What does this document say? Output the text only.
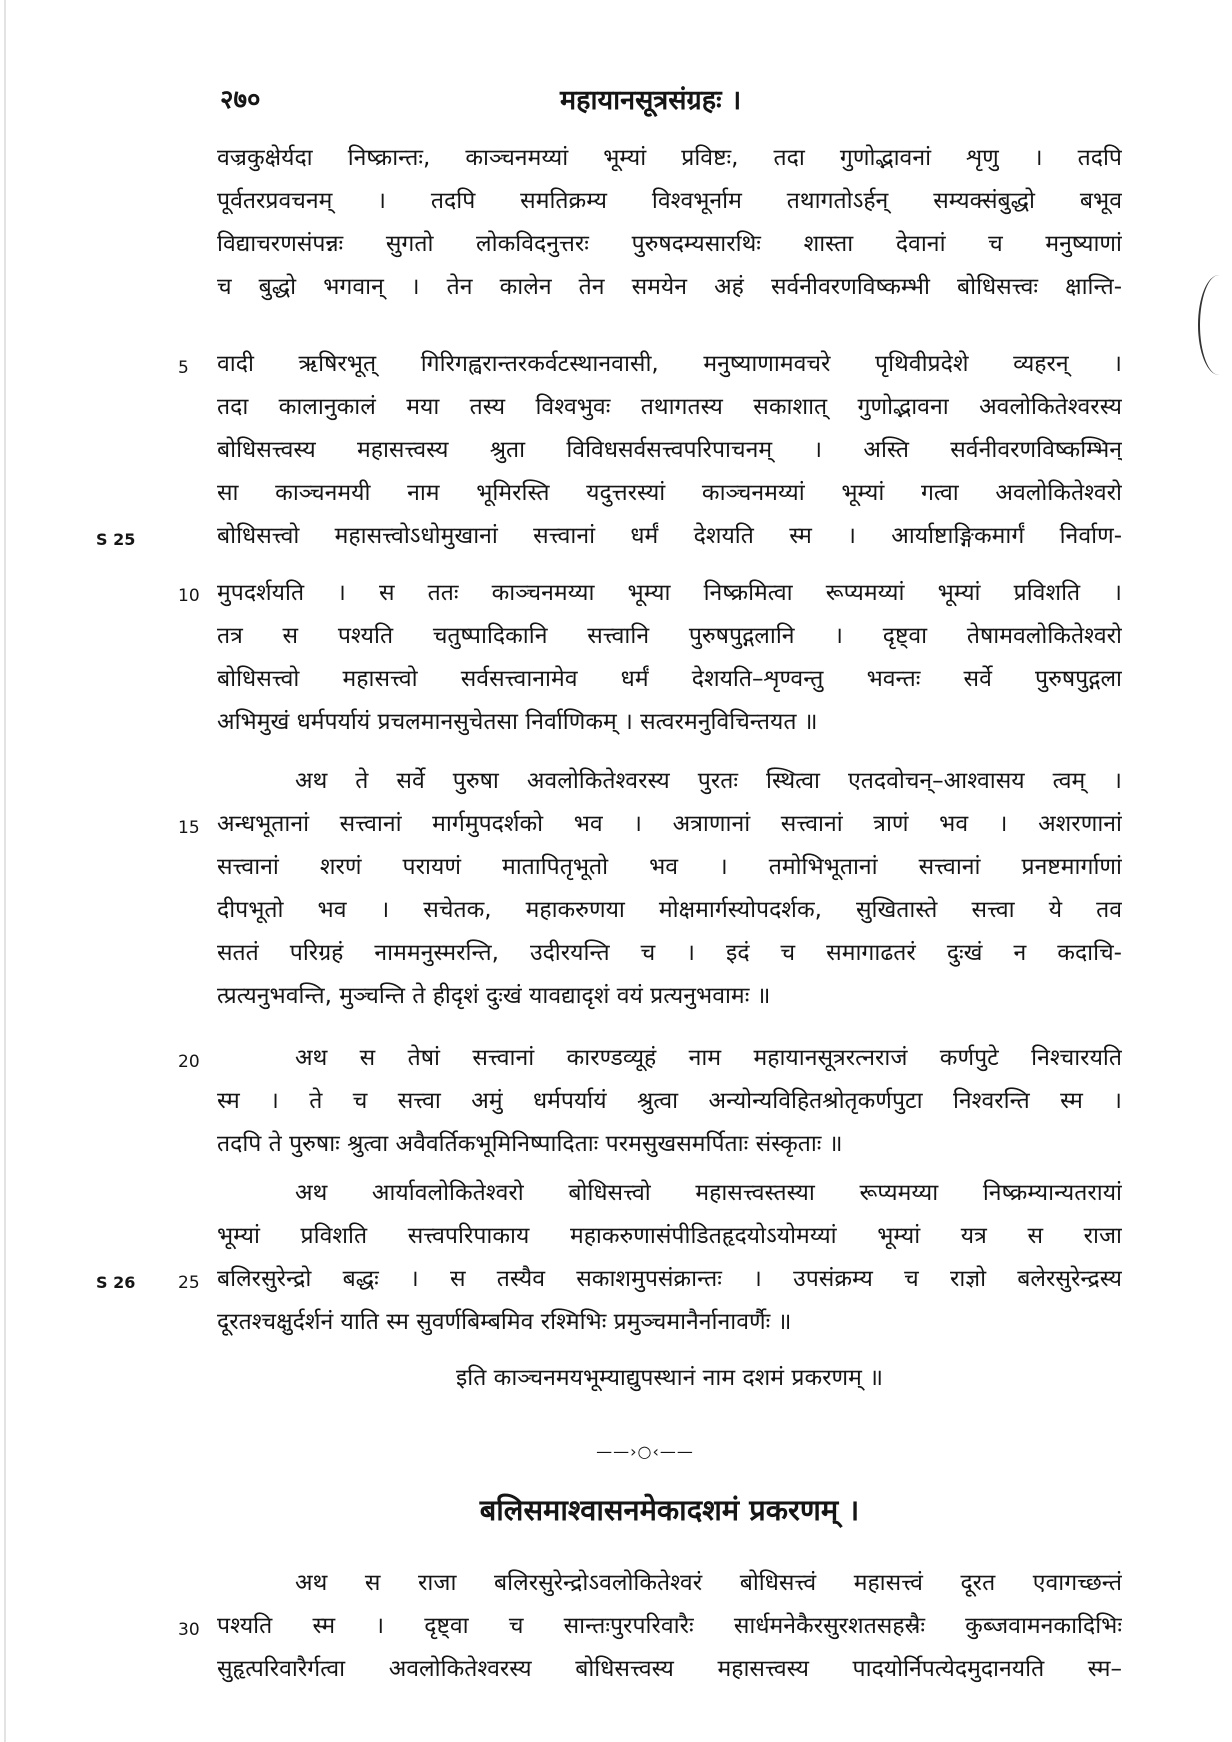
२७०	महायानसूत्रसंग्रहः ।
वज्रकुक्षेर्यदा निष्क्रान्तः, काञ्चनमय्यां भूम्यां प्रविष्टः, तदा गुणोद्भावनां शृणु । तदपि
पूर्वतरप्रवचनम् । तदपि समतिक्रम्य विश्वभूर्नाम तथागतोऽर्हन् सम्यक्संबुद्धो बभूव
विद्याचरणसंपन्नः सुगतो लोकविदनुत्तरः पुरुषदम्यसारथिः शास्ता देवानां च मनुष्याणां
च बुद्धो भगवान् । तेन कालेन तेन समयेन अहं सर्वनीवरणविष्कम्भी बोधिसत्त्वः क्षान्ति-
5	वादी ऋषिरभूत् गिरिगह्वरान्तरकर्वटस्थानवासी, मनुष्याणामवचरे पृथिवीप्रदेशे व्यहरन् ।
तदा कालानुकालं मया तस्य विश्वभुवः तथागतस्य सकाशात् गुणोद्भावना अवलोकितेश्वरस्य
बोधिसत्त्वस्य महासत्त्वस्य श्रुता विविधसर्वसत्त्वपरिपाचनम् । अस्ति सर्वनीवरणविष्कम्भिन्
सा काञ्चनमयी नाम भूमिरस्ति यदुत्तरस्यां काञ्चनमय्यां भूम्यां गत्वा अवलोकितेश्वरो
S 25	बोधिसत्त्वो महासत्त्वोऽधोमुखानां सत्त्वानां धर्मं देशयति स्म । आर्याष्टाङ्गिकमार्गं निर्वाण-
10 मुपदर्शयति । स ततः काञ्चनमय्या भूम्या निष्क्रमित्वा रूप्यमय्यां भूम्यां प्रविशति ।
तत्र स पश्यति चतुष्पादिकानि सत्त्वानि पुरुषपुद्गलानि । दृष्ट्वा तेषामवलोकितेश्वरो
बोधिसत्त्वो महासत्त्वो सर्वसत्त्वानामेव धर्मं देशयति–शृण्वन्तु भवन्तः सर्वे पुरुषपुद्गला
अभिमुखं धर्मपर्यायं प्रचलमानसुचेतसा निर्वाणिकम् । सत्वरमनुविचिन्तयत ॥
अथ ते सर्वे पुरुषा अवलोकितेश्वरस्य पुरतः स्थित्वा एतदवोचन्–आश्वासय त्वम् ।
15 अन्धभूतानां सत्त्वानां मार्गमुपदर्शको भव । अत्राणानां सत्त्वानां त्राणं भव । अशरणानां
सत्त्वानां शरणं परायणं मातापितृभूतो भव । तमोभिभूतानां सत्त्वानां प्रनष्टमार्गाणां
दीपभूतो भव । सचेतक, महाकरुणया मोक्षमार्गस्योपदर्शक, सुखितास्ते सत्त्वा ये तव
सततं परिग्रहं नाममनुस्मरन्ति, उदीरयन्ति च । इदं च समागाढतरं दुःखं न कदाचि-
त्प्रत्यनुभवन्ति, मुञ्चन्ति ते हीदृशं दुःखं यावद्यादृशं वयं प्रत्यनुभवामः ॥
20	अथ स तेषां सत्त्वानां कारण्डव्यूहं नाम महायानसूत्ररत्नराजं कर्णपुटे निश्चारयति
स्म । ते च सत्त्वा अमुं धर्मपर्यायं श्रुत्वा अन्योन्यविहितश्रोतृकर्णपुटा निश्वरन्ति स्म ।
तदपि ते पुरुषाः श्रुत्वा अवैवर्तिकभूमिनिष्पादिताः परमसुखसमर्पिताः संस्कृताः ॥
अथ आर्यावलोकितेश्वरो बोधिसत्त्वो महासत्त्वस्तस्या रूप्यमय्या निष्क्रम्यान्यतरायां
भूम्यां प्रविशति सत्त्वपरिपाकाय महाकरुणासंपीडितहृदयोऽयोमय्यां भूम्यां यत्र स राजा
S 26	25 बलिरसुरेन्द्रो बद्धः । स तस्यैव सकाशमुपसंक्रान्तः । उपसंक्रम्य च राज्ञो बलेरसुरेन्द्रस्य
दूरतश्चक्षुर्दर्शनं याति स्म सुवर्णबिम्बमिव रश्मिभिः प्रमुञ्चमानैर्नानावर्णैः ॥
इति काञ्चनमयभूम्याद्युपस्थानं नाम दशमं प्रकरणम् ॥
——›○‹——
बलिसमाश्वासनमेकादशमं प्रकरणम् ।
अथ स राजा बलिरसुरेन्द्रोऽवलोकितेश्वरं बोधिसत्त्वं महासत्त्वं दूरत एवागच्छन्तं
30 पश्यति स्म । दृष्ट्वा च सान्तःपुरपरिवारैः सार्धमनेकैरसुरशतसहस्रैः कुब्जवामनकादिभिः
सुहृत्परिवारैर्गत्वा अवलोकितेश्वरस्य बोधिसत्त्वस्य महासत्त्वस्य पादयोर्निपत्येदमुदानयति स्म–
